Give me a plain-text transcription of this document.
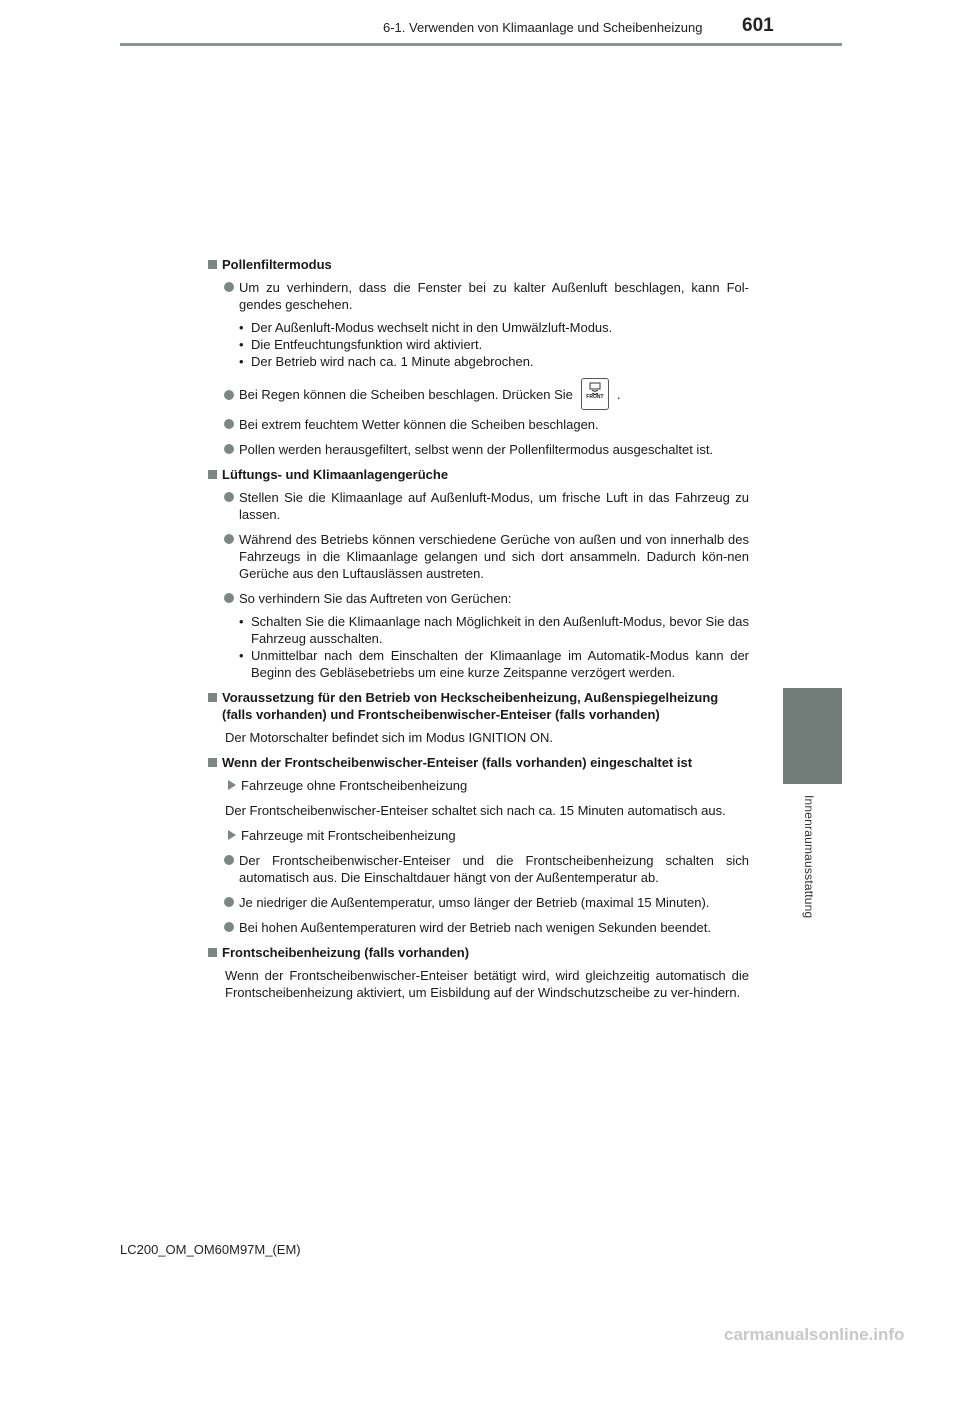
6-1. Verwenden von Klimaanlage und Scheibenheizung 601
6
Innenraumausstattung
Pollenfiltermodus
Um zu verhindern, dass die Fenster bei zu kalter Außenluft beschlagen, kann Fol-gendes geschehen.
• Der Außenluft-Modus wechselt nicht in den Umwälzluft-Modus.
• Die Entfeuchtungsfunktion wird aktiviert.
• Der Betrieb wird nach ca. 1 Minute abgebrochen.
Bei Regen können die Scheiben beschlagen. Drücken Sie	FRONT	.
Bei extrem feuchtem Wetter können die Scheiben beschlagen.
Pollen werden herausgefiltert, selbst wenn der Pollenfiltermodus ausgeschaltet ist.
Lüftungs- und Klimaanlagengerüche
Stellen Sie die Klimaanlage auf Außenluft-Modus, um frische Luft in das Fahrzeug zu lassen.
Während des Betriebs können verschiedene Gerüche von außen und von innerhalb des Fahrzeugs in die Klimaanlage gelangen und sich dort ansammeln. Dadurch kön-nen Gerüche aus den Luftauslässen austreten.
So verhindern Sie das Auftreten von Gerüchen:
• Schalten Sie die Klimaanlage nach Möglichkeit in den Außenluft-Modus, bevor Sie das Fahrzeug ausschalten.
• Unmittelbar nach dem Einschalten der Klimaanlage im Automatik-Modus kann der Beginn des Gebläsebetriebs um eine kurze Zeitspanne verzögert werden.
Voraussetzung für den Betrieb von Heckscheibenheizung, Außenspiegelheizung (falls vorhanden) und Frontscheibenwischer-Enteiser (falls vorhanden)
Der Motorschalter befindet sich im Modus IGNITION ON.
Wenn der Frontscheibenwischer-Enteiser (falls vorhanden) eingeschaltet ist
Fahrzeuge ohne Frontscheibenheizung
Der Frontscheibenwischer-Enteiser schaltet sich nach ca. 15 Minuten automatisch aus.
Fahrzeuge mit Frontscheibenheizung
Der Frontscheibenwischer-Enteiser und die Frontscheibenheizung schalten sich automatisch aus. Die Einschaltdauer hängt von der Außentemperatur ab.
Je niedriger die Außentemperatur, umso länger der Betrieb (maximal 15 Minuten).
Bei hohen Außentemperaturen wird der Betrieb nach wenigen Sekunden beendet.
Frontscheibenheizung (falls vorhanden)
Wenn der Frontscheibenwischer-Enteiser betätigt wird, wird gleichzeitig automatisch die Frontscheibenheizung aktiviert, um Eisbildung auf der Windschutzscheibe zu ver-hindern.
LC200_OM_OM60M97M_(EM)
carmanualsonline.info
